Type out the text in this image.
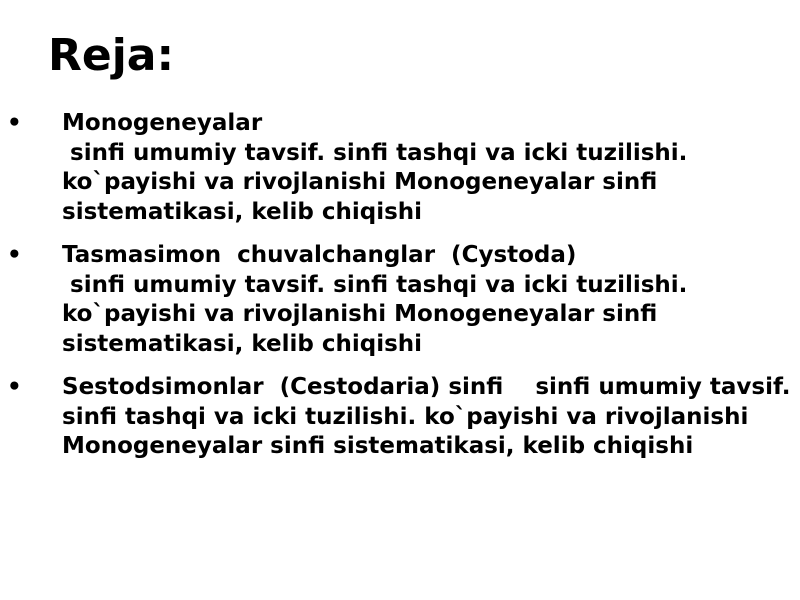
Reja:
• Monogeneyalar
sinfi umumiy tavsif. sinfi tashqi va icki tuzilishi.
ko`payishi va rivojlanishi Monogeneyalar sinfi
sistematikasi, kelib chiqishi
• Tasmasimon  chuvalchanglar  (Cystoda)
sinfi umumiy tavsif. sinfi tashqi va icki tuzilishi.
ko`payishi va rivojlanishi Monogeneyalar sinfi
sistematikasi, kelib chiqishi
• Sestodsimonlar  (Cestodaria) sinfi    sinfi umumiy tavsif.
sinfi tashqi va icki tuzilishi. ko`payishi va rivojlanishi
Monogeneyalar sinfi sistematikasi, kelib chiqishi
